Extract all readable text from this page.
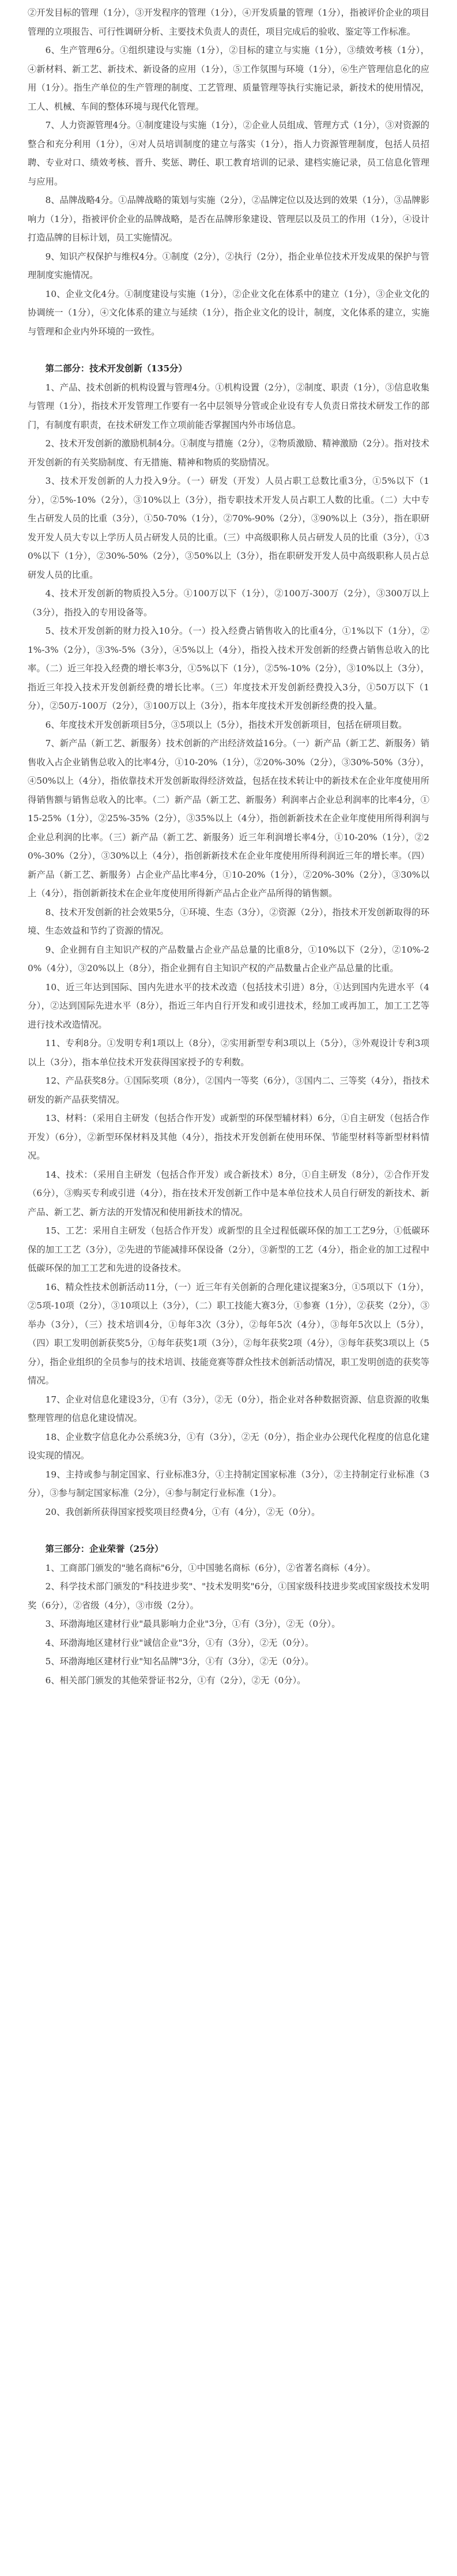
②开发目标的管理（1分），③开发程序的管理（1分），④开发质量的管理（1分），指被评价企业的项目管理的立项报告、可行性调研分析、主要技术负责人的责任，项目完成后的验收、鉴定等工作标准。

6、生产管理6分。①组织建设与实施（1分），②目标的建立与实施（1分），③绩效考核（1分），④新材料、新工艺、新技术、新设备的应用（1分），⑤工作氛围与环境（1分），⑥生产管理信息化的应用（1分）。指生产单位的生产管理的制度、工艺管理、质量管理等执行实施记录，新技术的使用情况，工人、机械、车间的整体环境与现代化管理。

7、人力资源管理4分。①制度建设与实施（1分），②企业人员组成、管理方式（1分），③对资源的整合和充分利用（1分），④对人员培训制度的建立与落实（1分），指人力资源管理制度，包括人员招聘、专业对口、绩效考核、晋升、奖惩、聘任、职工教育培训的记录、建档实施记录，员工信息化管理与应用。

8、品牌战略4分。①品牌战略的策划与实施（2分），②品牌定位以及达到的效果（1分），③品牌影响力（1分），指被评价企业的品牌战略，是否在品牌形象建设、管理层以及员工的作用（1分），④设计打造品牌的目标计划，员工实施情况。

9、知识产权保护与维权4分。①制度（2分），②执行（2分），指企业单位技术开发成果的保护与管理制度实施情况。

10、企业文化4分。①制度建设与实施（1分），②企业文化在体系中的建立（1分），③企业文化的协调统一（1分），④文化体系的建立与延续（1分），指企业文化的设计，制度，文化体系的建立，实施与管理和企业内外环境的一致性。

第二部分：技术开发创新（135分）

1、产品、技术创新的机构设置与管理4分。①机构设置（2分），②制度、职责（1分），③信息收集与管理（1分），指技术开发管理工作要有一名中层领导分管或企业设有专人负责日常技术研发工作的部门，有制度有职责，在技术研发工作立项前能否掌握国内外市场信息。

2、技术开发创新的激励机制4分。①制度与措施（2分），②物质激励、精神激励（2分）。指对技术开发创新的有关奖励制度、有无措施、精神和物质的奖励情况。

3、技术开发创新的人力投入9分。（一）研发（开发）人员占职工总数比重3分，①5%以下（1分），②5%-10%（2分），③10%以上（3分），指专职技术开发人员占职工人数的比重。（二）大中专生占研发人员的比重（3分），①50-70%（1分），②70%-90%（2分），③90%以上（3分），指在职研发开发人员大专以上学历人员占研发人员的比重。（三）中高级职称人员占研发人员的比重（3分），①30%以下（1分），②30%-50%（2分），③50%以上（3分），指在职研发开发人员中高级职称人员占总研发人员的比重。

4、技术开发创新的物质投入5分。①100万以下（1分），②100万-300万（2分），③300万以上（3分），指投入的专用设备等。

5、技术开发创新的财力投入10分。（一）投入经费占销售收入的比重4分，①1%以下（1分），②1%-3%（2分），③3%-5%（3分），④5%以上（4分），指投入技术开发创新的经费占销售总收入的比率。（二）近三年投入经费的增长率3分，①5%以下（1分），②5%-10%（2分），③10%以上（3分），指近三年投入技术开发创新经费的增长比率。（三）年度技术开发创新经费投入3分，①50万以下（1分），②50万-100万（2分），③100万以上（3分），指本年度技术开发创新经费的投入量。

6、年度技术开发创新项目5分，③5项以上（5分），指技术开发创新项目，包括在研项目数。

7、新产品（新工艺、新服务）技术创新的产出经济效益16分。（一）新产品（新工艺、新服务）销售收入占企业销售总收入的比率4分，①10-20%（1分），②20%-30%（2分），③30%-50%（3分），④50%以上（4分），指依靠技术开发创新取得经济效益，包括在技术转让中的新技术在企业年度使用所得销售额与销售总收入的比率。（二）新产品（新工艺、新服务）利润率占企业总利润率的比率4分，①15-25%（1分），②25%-35%（2分），③35%以上（4分），指创新新技术在企业年度使用所得利润与企业总利润的比率。（三）新产品（新工艺、新服务）近三年利润增长率4分，①10-20%（1分），②20%-30%（2分），③30%以上（4分），指创新新技术在企业年度使用所得利润近三年的增长率。（四）新产品（新工艺、新服务）占企业产品比率4分，①10-20%（1分），②20%-30%（2分），③30%以上（4分），指创新新技术在企业年度使用所得新产品占企业产品所得的销售额。

8、技术开发创新的社会效果5分，①环境、生态（3分），②资源（2分），指技术开发创新取得的环境、生态效益和节约了资源的情况。

9、企业拥有自主知识产权的产品数量占企业产品总量的比重8分，①10%以下（2分），②10%-20%（4分），③20%以上（8分），指企业拥有自主知识产权的产品数量占企业产品总量的比重。

10、近三年达到国际、国内先进水平的技术改造（包括技术引进）8分，①达到国内先进水平（4分），②达到国际先进水平（8分），指近三年内自行开发和或引进技术，经加工或再加工，加工工艺等进行技术改造情况。

11、专利8分。①发明专利1项以上（8分），②实用新型专利3项以上（5分），③外观设计专利3项以上（3分），指本单位技术开发获得国家授予的专利数。

12、产品获奖8分。①国际奖项（8分），②国内一等奖（6分），③国内二、三等奖（4分），指技术研发的新产品获奖情况。

13、材料：（采用自主研发（包括合作开发）或新型的环保型辅材料）6分，①自主研发（包括合作开发）（6分），②新型环保材料及其他（4分），指技术开发创新在使用环保、节能型材料等新型材料情况。

14、技术：（采用自主研发（包括合作开发）或合新技术）8分，①自主研发（8分），②合作开发（6分），③购买专利或引进（4分），指在技术开发创新工作中是本单位技术人员自行研发的新技术、新产品、新工艺、新方法的开发情况和使用新技术的情况。

15、工艺：采用自主研发（包括合作开发）或新型的且全过程低碳环保的加工工艺9分，①低碳环保的加工工艺（3分），②先进的节能减排环保设备（2分），③新型的工艺（4分），指企业的加工过程中低碳环保的加工工艺和先进的设备技术。

16、精众性技术创新活动11分，（一）近三年有关创新的合理化建议提案3分，①5项以下（1分），②5项-10项（2分），③10项以上（3分），（二）职工技能大赛3分，①参赛（1分），②获奖（2分），③举办（3分），（三）技术培训4分，①每年3次（3分），②每年5次（4分），③每年5次以上（5分），（四）职工发明创新获奖5分，①每年获奖1项（3分），②每年获奖2项（4分），③每年获奖3项以上（5分），指企业组织的全员参与的技术培训、技能竞赛等群众性技术创新活动情况，职工发明创造的获奖等情况。

17、企业对信息化建设3分，①有（3分），②无（0分），指企业对各种数据资源、信息资源的收集整理管理的信息化建设情况。

18、企业数字信息化办公系统3分，①有（3分），②无（0分），指企业办公现代化程度的信息化建设实现的情况。

19、主持或参与制定国家、行业标准3分，①主持制定国家标准（3分），②主持制定行业标准（3分），③参与制定国家标准（2分），④参与制定行业标准（1分）。

20、我创新所获得国家授奖项目经费4分，①有（4分），②无（0分）。

第三部分：企业荣誉（25分）

1、工商部门颁发的"驰名商标"6分，①中国驰名商标（6分），②省著名商标（4分）。

2、科学技术部门颁发的"科技进步奖"、"技术发明奖"6分，①国家级科技进步奖或国家级技术发明奖（6分），②省级（4分），③市级（2分）。

3、环渤海地区建材行业"最具影响力企业"3分，①有（3分），②无（0分）。

4、环渤海地区建材行业"诚信企业"3分，①有（3分），②无（0分）。

5、环渤海地区建材行业"知名品牌"3分，①有（3分），②无（0分）。

6、相关部门颁发的其他荣誉证书2分，①有（2分），②无（0分）。
